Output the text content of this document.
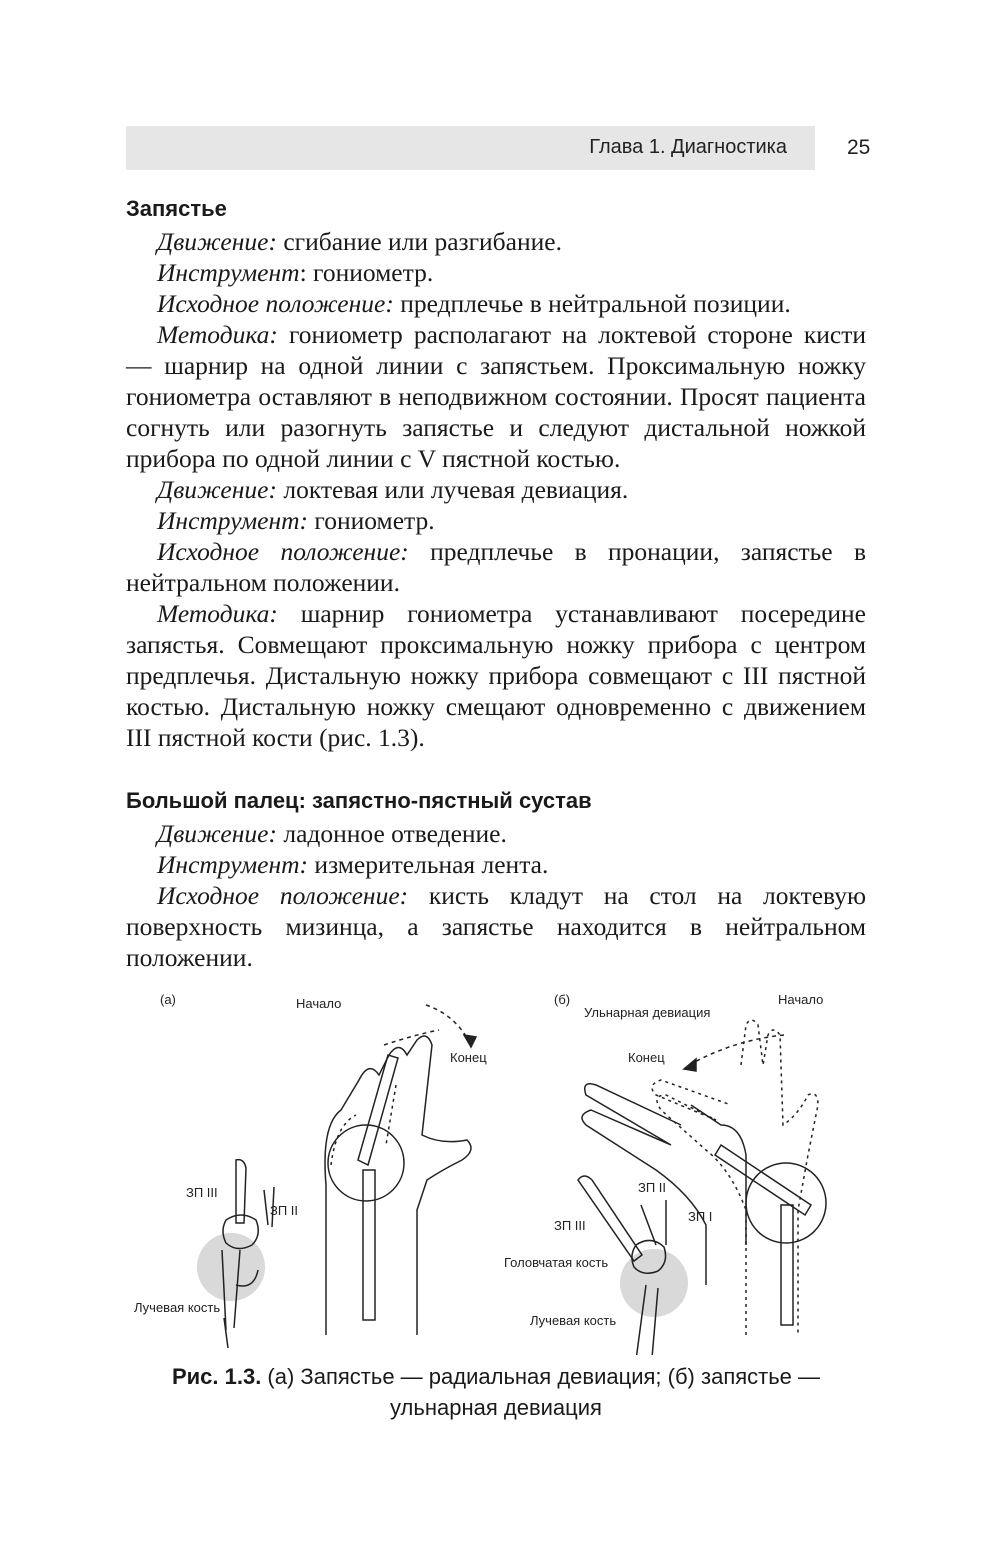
Глава 1. Диагностика	25
Запястье

Движение: сгибание или разгибание.

Инструмент: гониометр.

Исходное положение: предплечье в нейтральной позиции.

Методика: гониометр располагают на локтевой стороне кисти — шарнир на одной линии с запястьем. Проксимальную ножку гониометра оставляют в неподвижном состоянии. Просят пациента согнуть или разогнуть запястье и следуют дистальной ножкой прибора по одной линии с V пястной костью.

Движение: локтевая или лучевая девиация.

Инструмент: гониометр.

Исходное положение: предплечье в пронации, запястье в нейтральном положении.

Методика: шарнир гониометра устанавливают посередине запястья. Совмещают проксимальную ножку прибора с центром предплечья. Дистальную ножку прибора совмещают с III пястной костью. Дистальную ножку смещают одновременно с движением III пястной кости (рис. 1.3).

Большой палец: запястно-пястный сустав

Движение: ладонное отведение.

Инструмент: измерительная лента.

Исходное положение: кисть кладут на стол на локтевую поверхность мизинца, а запястье находится в нейтральном положении.

(а)	Начало
Конец
ЗП III
ЗП II
Лучевая кость
(б)
Ульнарная девиация
Начало
Конец
ЗП II
ЗП I
ЗП III
Головчатая кость
Лучевая кость
Рис. 1.3. (а) Запястье — радиальная девиация; (б) запястье — ульнарная девиация
